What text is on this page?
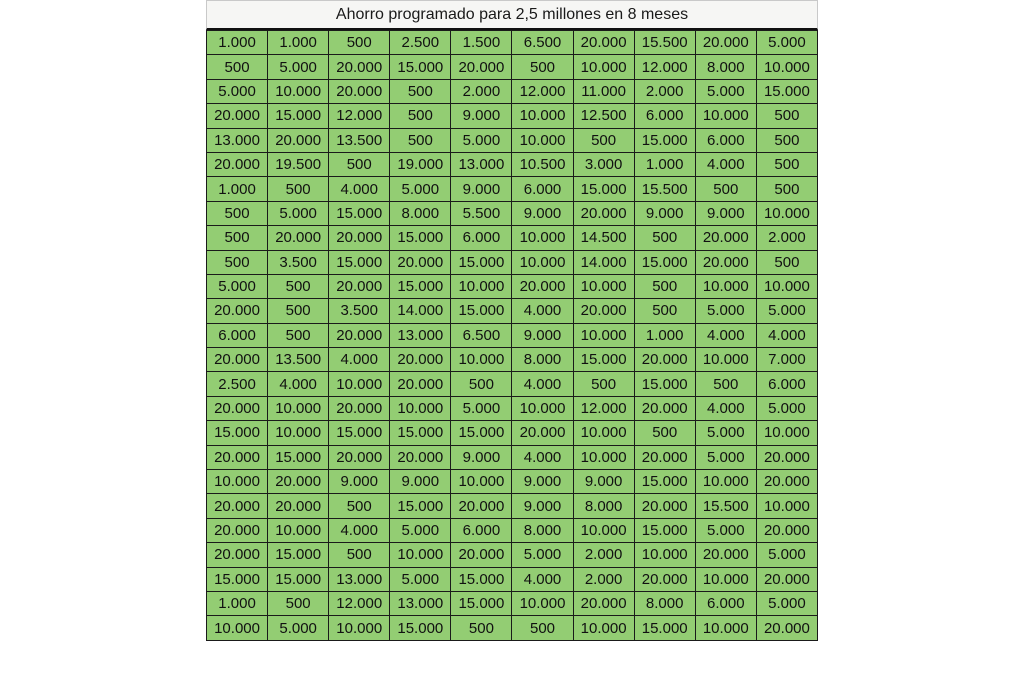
Ahorro programado para 2,5 millones en 8 meses
1.000	1.000	500	2.500	1.500	6.500	20.000	15.500	20.000	5.000
500	5.000	20.000	15.000	20.000	500	10.000	12.000	8.000	10.000
5.000	10.000	20.000	500	2.000	12.000	11.000	2.000	5.000	15.000
20.000	15.000	12.000	500	9.000	10.000	12.500	6.000	10.000	500
13.000	20.000	13.500	500	5.000	10.000	500	15.000	6.000	500
20.000	19.500	500	19.000	13.000	10.500	3.000	1.000	4.000	500
1.000	500	4.000	5.000	9.000	6.000	15.000	15.500	500	500
500	5.000	15.000	8.000	5.500	9.000	20.000	9.000	9.000	10.000
500	20.000	20.000	15.000	6.000	10.000	14.500	500	20.000	2.000
500	3.500	15.000	20.000	15.000	10.000	14.000	15.000	20.000	500
5.000	500	20.000	15.000	10.000	20.000	10.000	500	10.000	10.000
20.000	500	3.500	14.000	15.000	4.000	20.000	500	5.000	5.000
6.000	500	20.000	13.000	6.500	9.000	10.000	1.000	4.000	4.000
20.000	13.500	4.000	20.000	10.000	8.000	15.000	20.000	10.000	7.000
2.500	4.000	10.000	20.000	500	4.000	500	15.000	500	6.000
20.000	10.000	20.000	10.000	5.000	10.000	12.000	20.000	4.000	5.000
15.000	10.000	15.000	15.000	15.000	20.000	10.000	500	5.000	10.000
20.000	15.000	20.000	20.000	9.000	4.000	10.000	20.000	5.000	20.000
10.000	20.000	9.000	9.000	10.000	9.000	9.000	15.000	10.000	20.000
20.000	20.000	500	15.000	20.000	9.000	8.000	20.000	15.500	10.000
20.000	10.000	4.000	5.000	6.000	8.000	10.000	15.000	5.000	20.000
20.000	15.000	500	10.000	20.000	5.000	2.000	10.000	20.000	5.000
15.000	15.000	13.000	5.000	15.000	4.000	2.000	20.000	10.000	20.000
1.000	500	12.000	13.000	15.000	10.000	20.000	8.000	6.000	5.000
10.000	5.000	10.000	15.000	500	500	10.000	15.000	10.000	20.000
